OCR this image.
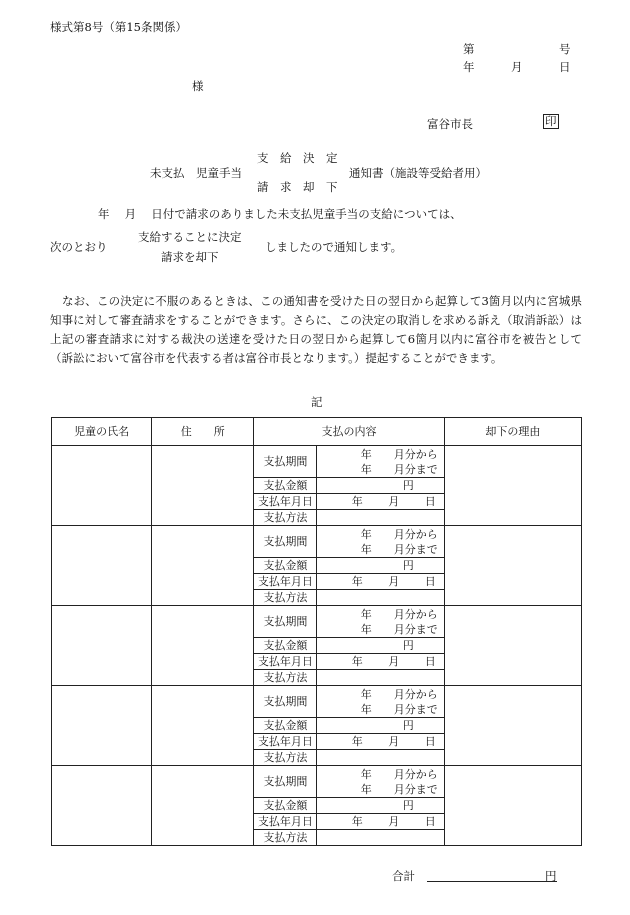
様式第8号（第15条関係）
第	号
年	月	日
様
富谷市長	印
支　給　決　定
未支払　児童手当	通知書（施設等受給者用）
請　求　却　下
年　 月　 日付で請求のありました未支払児童手当の支給については、
支給することに決定
次のとおり	しましたので通知します。
請求を却下
なお、この決定に不服のあるときは、この通知書を受けた日の翌日から起算して3箇月以内に宮城県知事に対して審査請求をすることができます。さらに、この決定の取消しを求める訴え（取消訴訟）は上記の審査請求に対する裁決の送達を受けた日の翌日から起算して6箇月以内に富谷市を被告として（訴訟において富谷市を代表する者は富谷市長となります。）提起することができます。
記
児童の氏名	住　　所	支払の内容		却下の理由
		支払期間	年　　月分から
年　　月分まで	

		支払金額	円	
		支払年月日	年　　 月　　 日	
		支払方法		
		支払期間	年　　月分から
年　　月分まで	

		支払金額	円	
		支払年月日	年　　 月　　 日	
		支払方法		
		支払期間	年　　月分から
年　　月分まで	

		支払金額	円	
		支払年月日	年　　 月　　 日	
		支払方法		
		支払期間	年　　月分から
年　　月分まで	

		支払金額	円	
		支払年月日	年　　 月　　 日	
		支払方法		
		支払期間	年　　月分から
年　　月分まで	

		支払金額	円	
		支払年月日	年　　 月　　 日	
		支払方法		
合計	円
